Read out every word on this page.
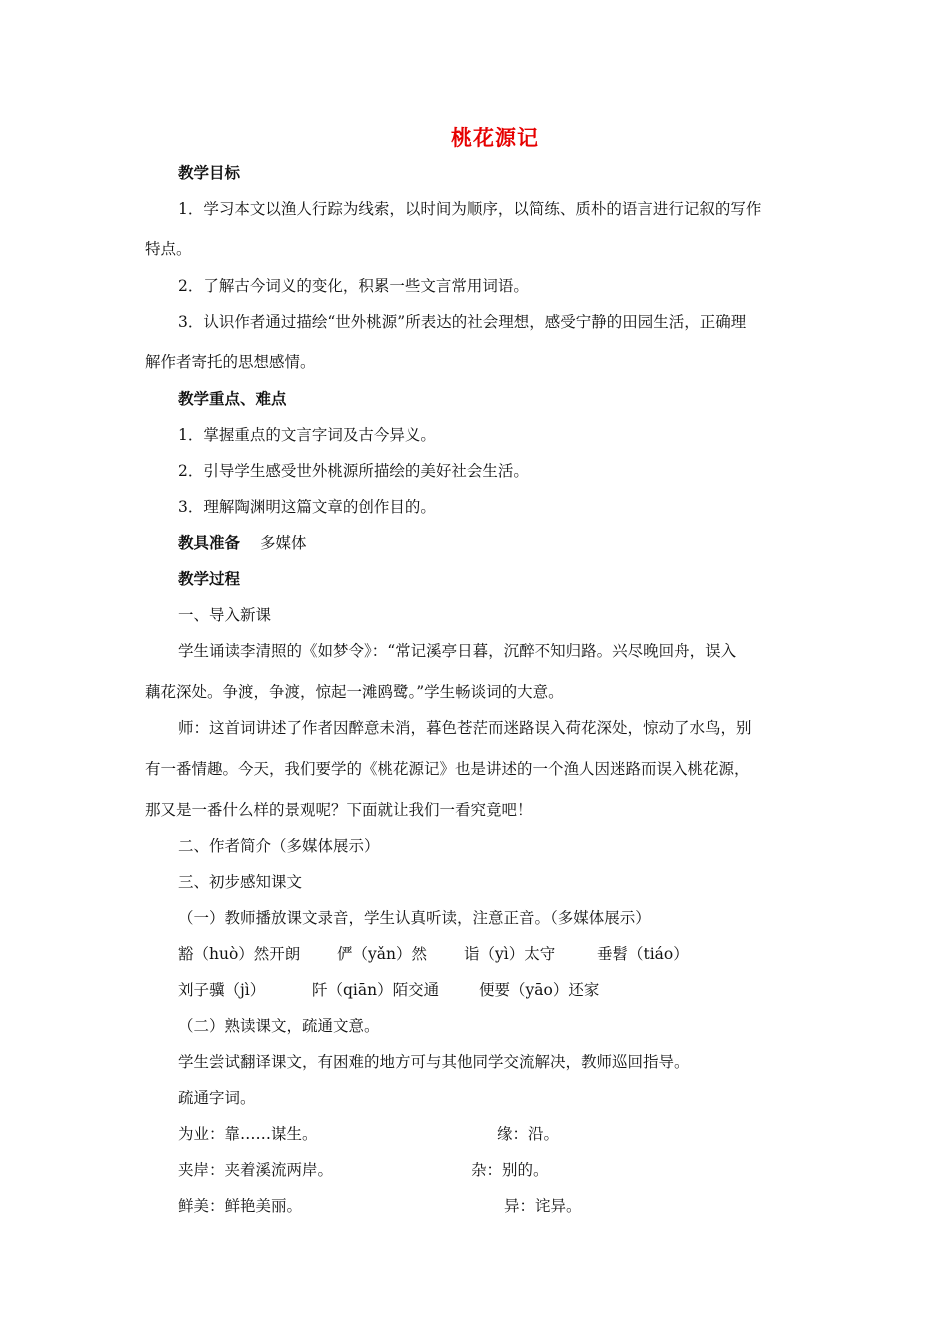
桃花源记
教学目标
1．学习本文以渔人行踪为线索，以时间为顺序，以简练、质朴的语言进行记叙的写作
特点。
2．了解古今词义的变化，积累一些文言常用词语。
3．认识作者通过描绘“世外桃源”所表达的社会理想，感受宁静的田园生活，正确理
解作者寄托的思想感情。
教学重点、难点
1．掌握重点的文言字词及古今异义。
2．引导学生感受世外桃源所描绘的美好社会生活。
3．理解陶渊明这篇文章的创作目的。
教具准备 多媒体
教学过程
一、导入新课
学生诵读李清照的《如梦令》：“常记溪亭日暮，沉醉不知归路。兴尽晚回舟，误入
藕花深处。争渡，争渡，惊起一滩鸥鹭。”学生畅谈词的大意。
师：这首词讲述了作者因醉意未消，暮色苍茫而迷路误入荷花深处，惊动了水鸟，别
有一番情趣。今天，我们要学的《桃花源记》也是讲述的一个渔人因迷路而误入桃花源，
那又是一番什么样的景观呢？下面就让我们一看究竟吧！
二、作者简介（多媒体展示）
三、初步感知课文
（一）教师播放课文录音，学生认真听读，注意正音。（多媒体展示）
豁（huò）然开朗 俨（yǎn）然 诣（yì）太守	垂髫（tiáo）
刘子骥（jì）	阡（qiān）陌交通	便要（yāo）还家
（二）熟读课文，疏通文意。
学生尝试翻译课文，有困难的地方可与其他同学交流解决，教师巡回指导。
疏通字词。
为业：靠……谋生。	缘：沿。
夹岸：夹着溪流两岸。	杂：别的。
鲜美：鲜艳美丽。	异：诧异。
